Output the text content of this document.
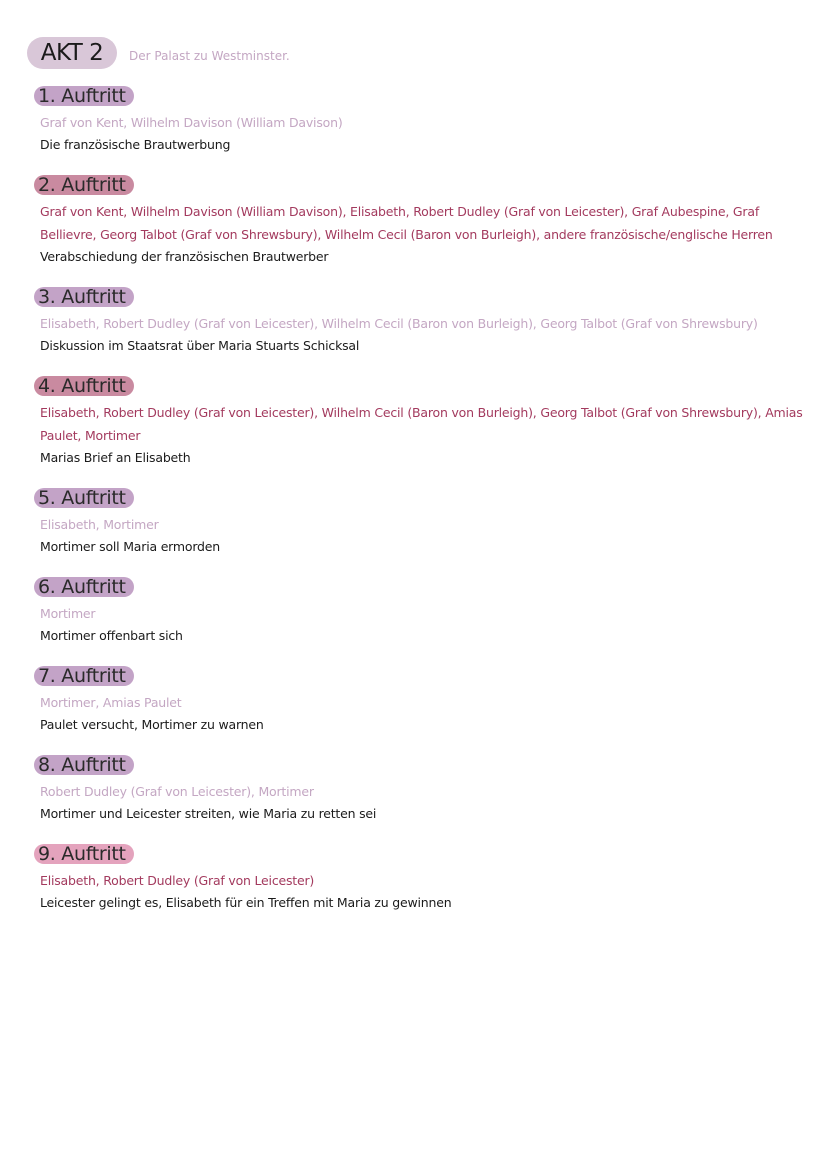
AKT 2	Der Palast zu Westminster.
1. Auftritt
Graf von Kent, Wilhelm Davison (William Davison)
Die französische Brautwerbung
2. Auftritt
Graf von Kent, Wilhelm Davison (William Davison), Elisabeth, Robert Dudley (Graf von Leicester), Graf Aubespine, Graf Bellievre, Georg Talbot (Graf von Shrewsbury), Wilhelm Cecil (Baron von Burleigh), andere französische/englische Herren
Verabschiedung der französischen Brautwerber
3. Auftritt
Elisabeth, Robert Dudley (Graf von Leicester), Wilhelm Cecil (Baron von Burleigh), Georg Talbot (Graf von Shrewsbury)
Diskussion im Staatsrat über Maria Stuarts Schicksal
4. Auftritt
Elisabeth, Robert Dudley (Graf von Leicester), Wilhelm Cecil (Baron von Burleigh), Georg Talbot (Graf von Shrewsbury), Amias Paulet, Mortimer
Marias Brief an Elisabeth
5. Auftritt
Elisabeth, Mortimer
Mortimer soll Maria ermorden
6. Auftritt
Mortimer
Mortimer offenbart sich
7. Auftritt
Mortimer, Amias Paulet
Paulet versucht, Mortimer zu warnen
8. Auftritt
Robert Dudley (Graf von Leicester), Mortimer
Mortimer und Leicester streiten, wie Maria zu retten sei
9. Auftritt
Elisabeth, Robert Dudley (Graf von Leicester)
Leicester gelingt es, Elisabeth für ein Treffen mit Maria zu gewinnen
